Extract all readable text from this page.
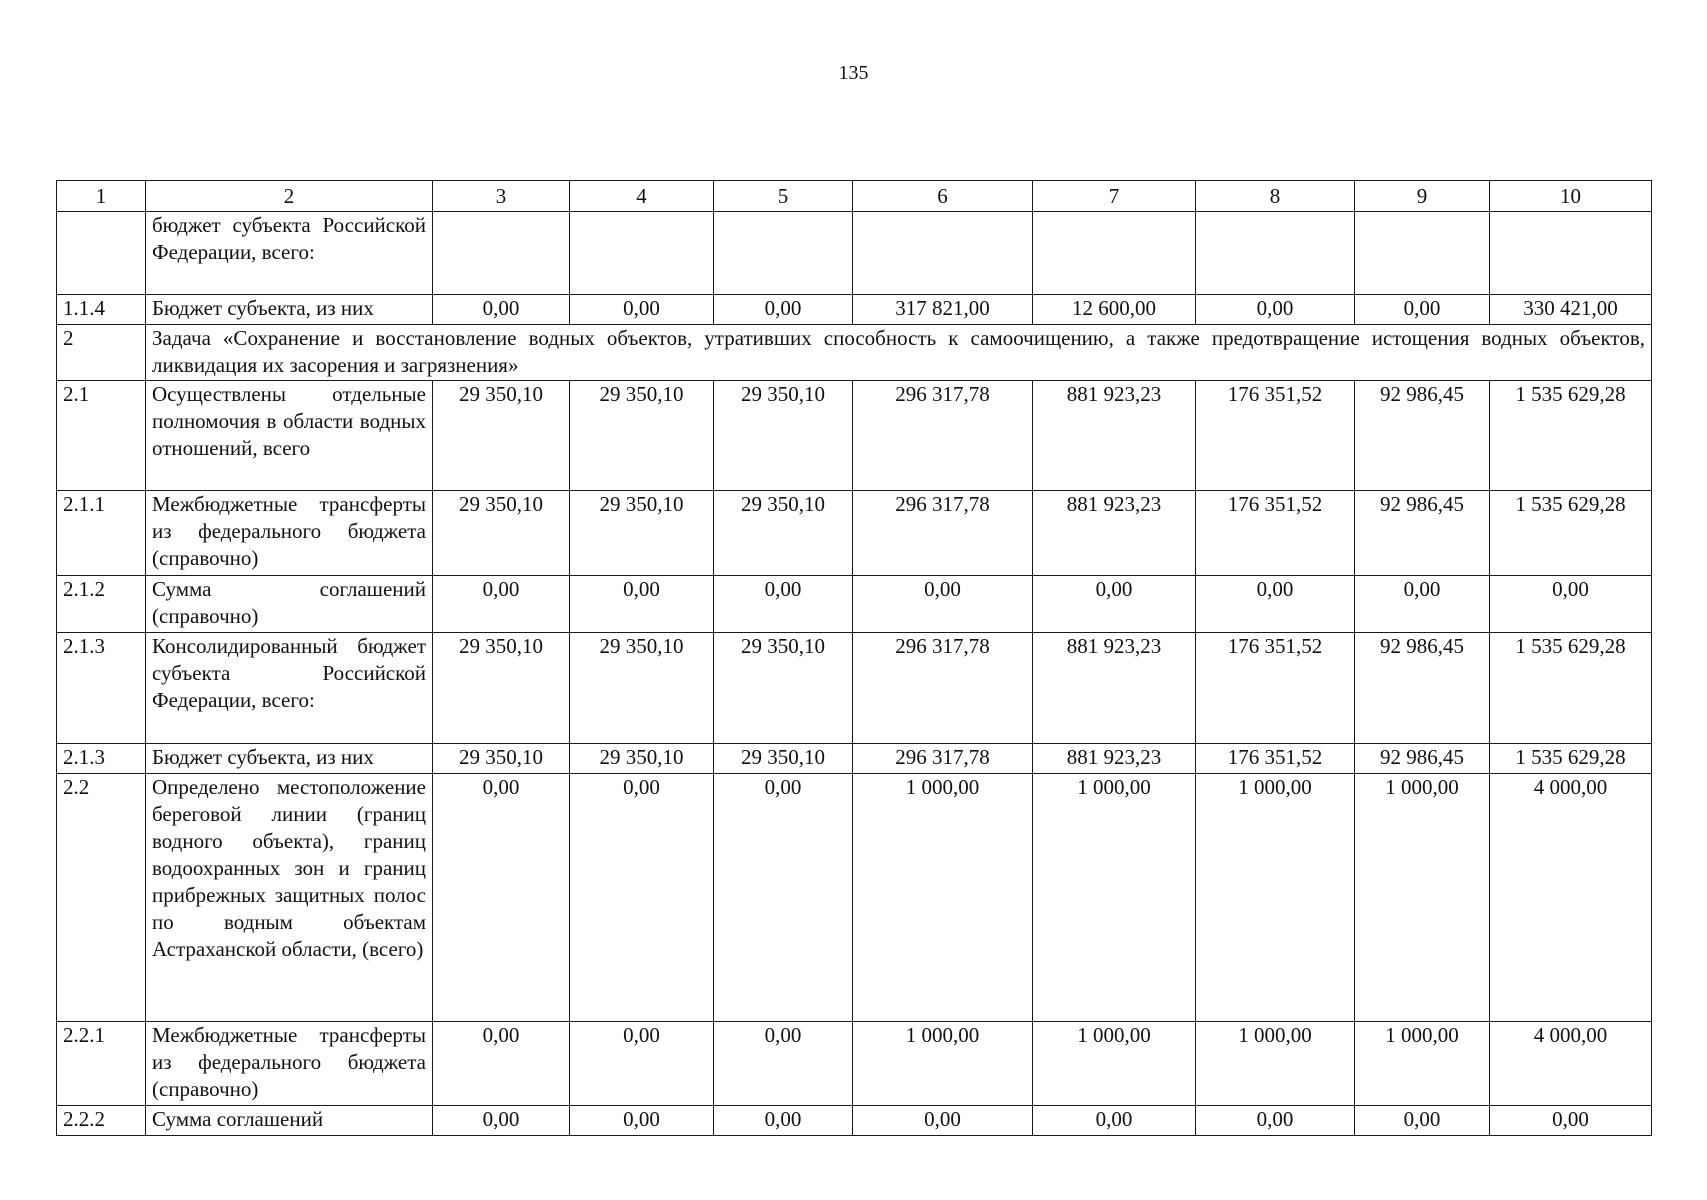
135
1	2	3	4	5	6	7	8	9	10
	бюджет субъекта Российской Федерации, всего:								
1.1.4	Бюджет субъекта, из них	0,00	0,00	0,00	317 821,00	12 600,00	0,00	0,00	330 421,00
2	Задача «Сохранение и восстановление водных объектов, утративших способность к самоочищению, а также предотвращение истощения водных объектов, ликвидация их засорения и загрязнения»								
2.1	Осуществлены отдельные полномочия в области водных отношений, всего	29 350,10	29 350,10	29 350,10	296 317,78	881 923,23	176 351,52	92 986,45	1 535 629,28
2.1.1	Межбюджетные трансферты из федерального бюджета (справочно)	29 350,10	29 350,10	29 350,10	296 317,78	881 923,23	176 351,52	92 986,45	1 535 629,28
2.1.2	Сумма соглашений (справочно)	0,00	0,00	0,00	0,00	0,00	0,00	0,00	0,00
2.1.3	Консолидированный бюджет субъекта Российской Федерации, всего:	29 350,10	29 350,10	29 350,10	296 317,78	881 923,23	176 351,52	92 986,45	1 535 629,28
2.1.3	Бюджет субъекта, из них	29 350,10	29 350,10	29 350,10	296 317,78	881 923,23	176 351,52	92 986,45	1 535 629,28
2.2	Определено местоположение береговой линии (границ водного объекта), границ водоохранных зон и границ прибрежных защитных полос по водным объектам Астраханской области, (всего)	0,00	0,00	0,00	1 000,00	1 000,00	1 000,00	1 000,00	4 000,00
2.2.1	Межбюджетные трансферты из федерального бюджета (справочно)	0,00	0,00	0,00	1 000,00	1 000,00	1 000,00	1 000,00	4 000,00
2.2.2	Сумма соглашений	0,00	0,00	0,00	0,00	0,00	0,00	0,00	0,00
